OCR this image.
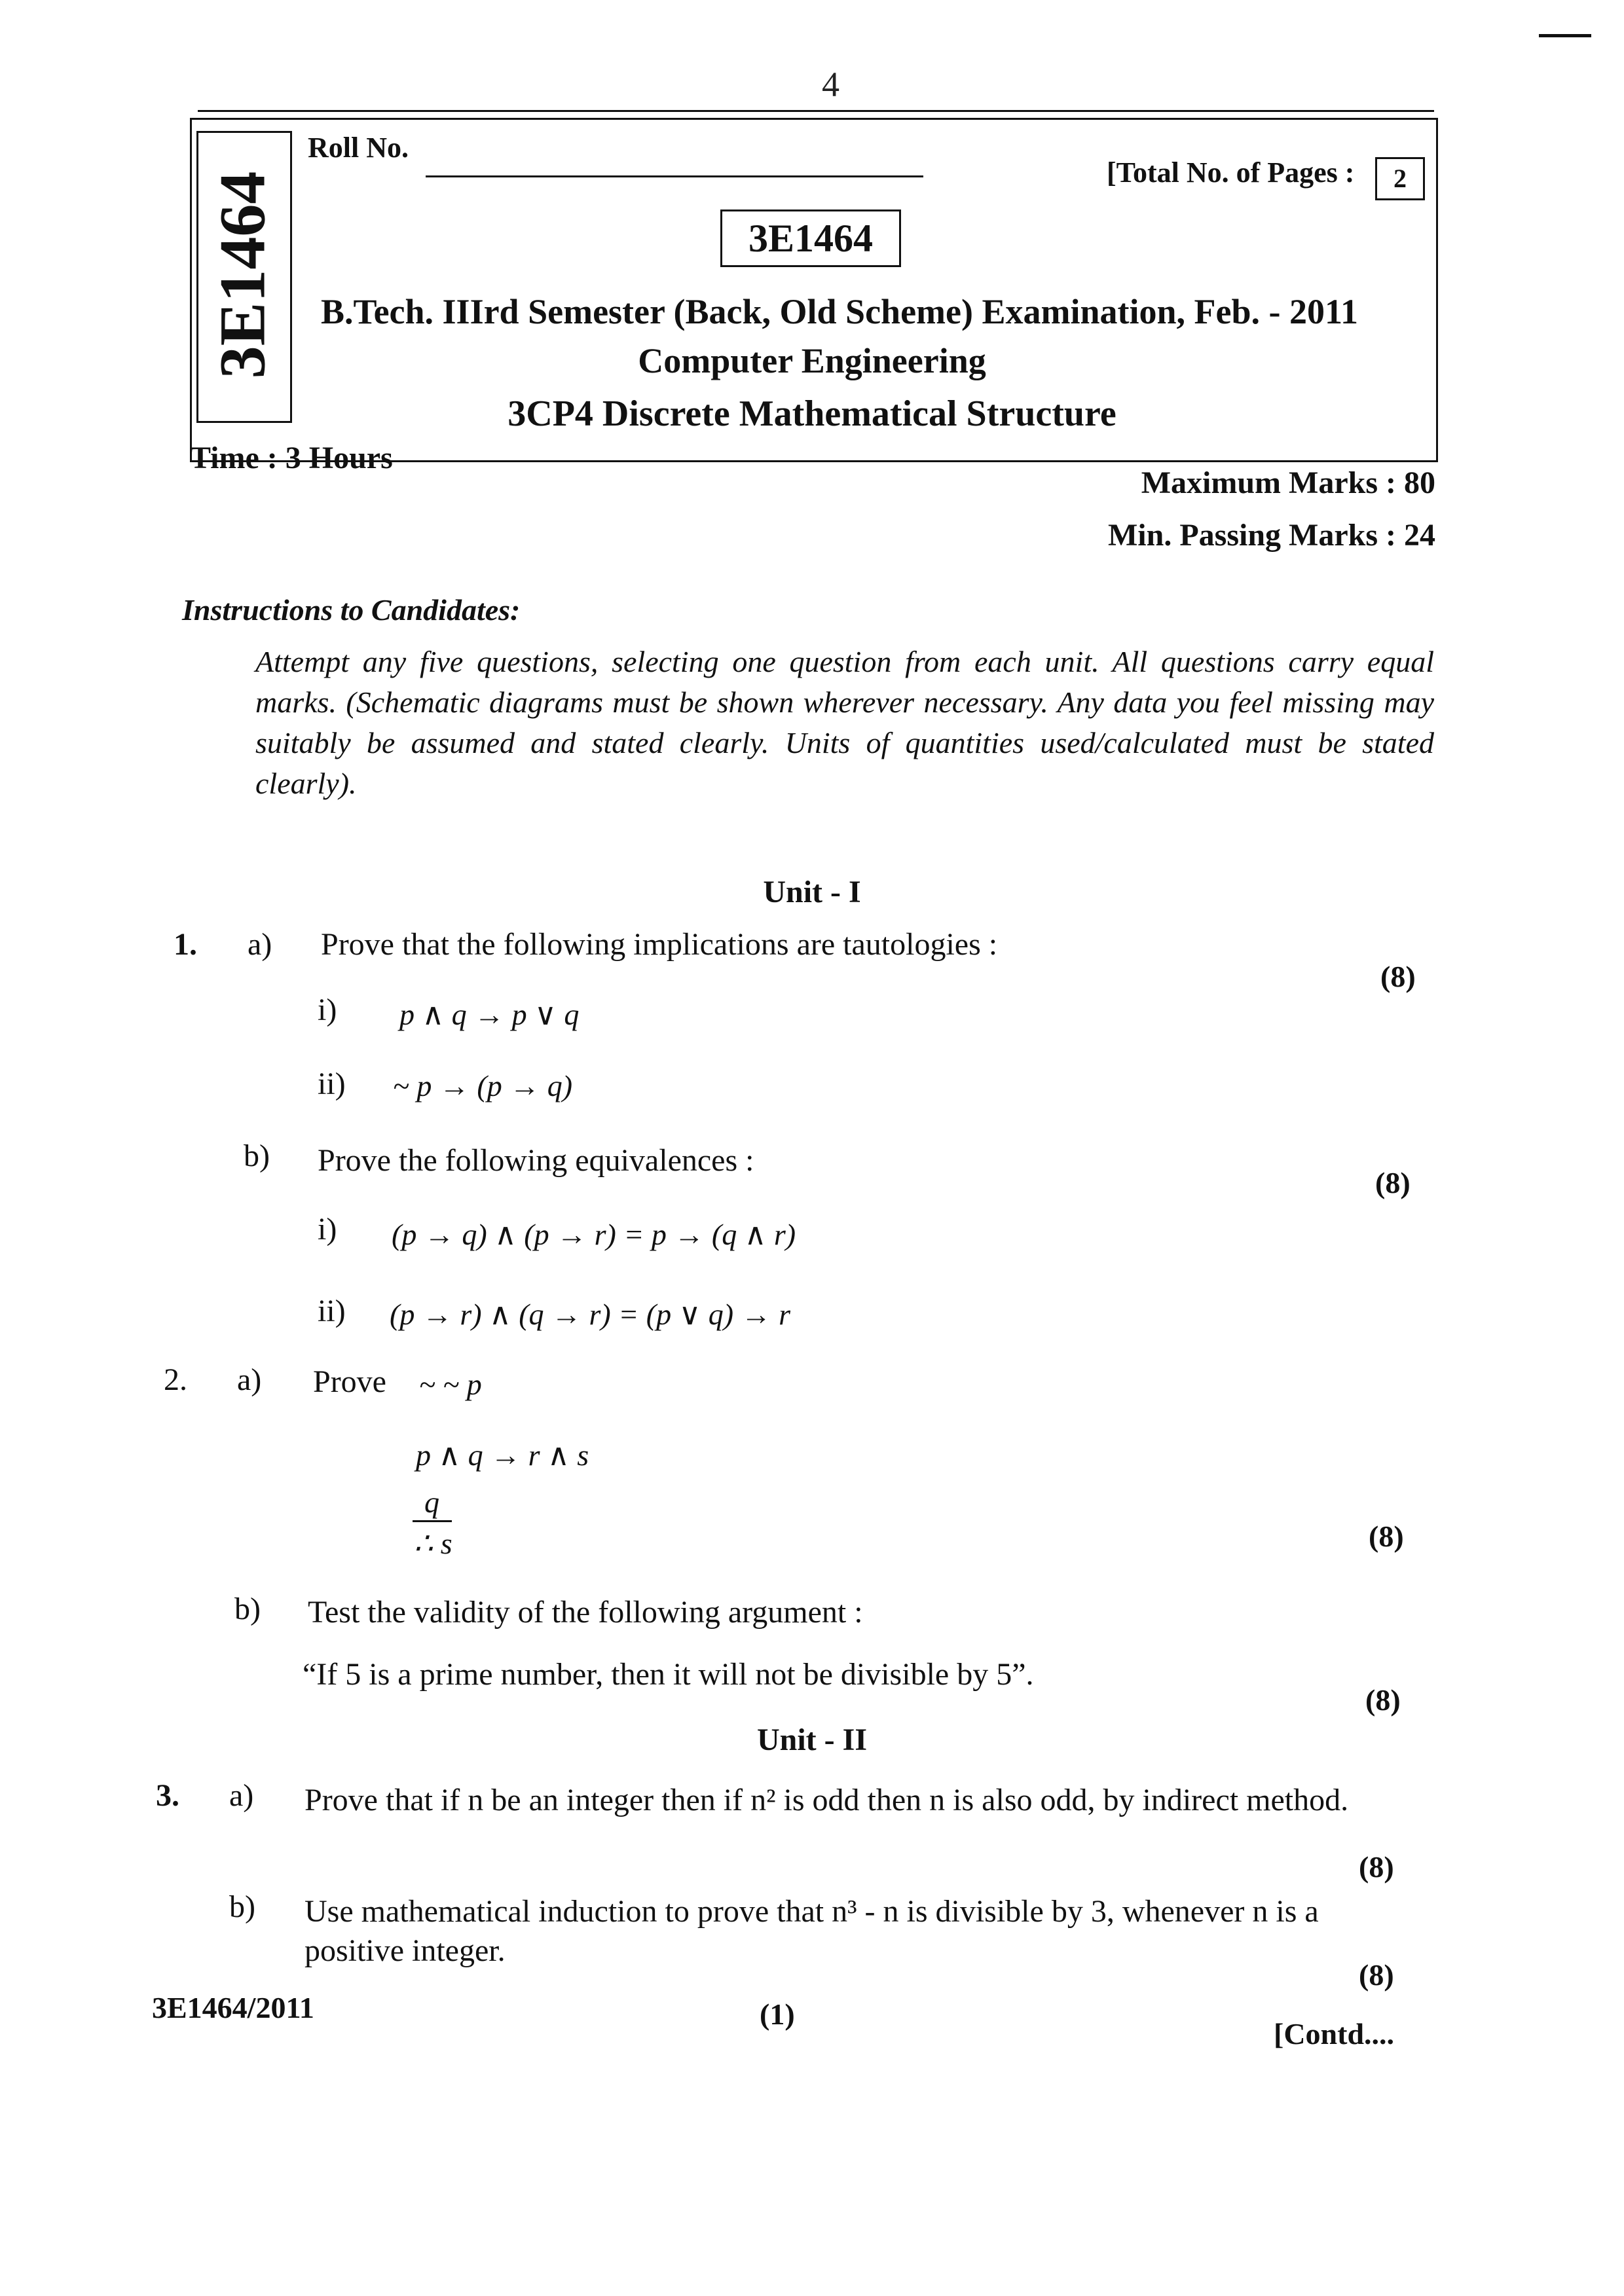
4
3E1464
Roll No.
[Total No. of Pages :	2
3E1464
B.Tech. IIIrd Semester (Back, Old Scheme) Examination, Feb. - 2011
Computer Engineering
3CP4 Discrete Mathematical Structure
Time : 3 Hours
Maximum Marks : 80
Min. Passing Marks : 24
Instructions to Candidates:
Attempt any five questions, selecting one question from each unit. All questions carry equal marks. (Schematic diagrams must be shown wherever necessary. Any data you feel missing may suitably be assumed and stated clearly. Units of quantities used/calculated must be stated clearly).
Unit - I
1. a) Prove that the following implications are tautologies :
(8)
i) p ∧ q → p ∨ q
ii) ~ p → (p → q)
b) Prove the following equivalences :
(8)
i) (p → q) ∧ (p → r) = p → (q ∧ r)
ii) (p → r) ∧ (q → r) = (p ∨ q) → r
2. a) Prove ~ ~ p
p ∧ q → r ∧ s
q
∴ s	(8)
b) Test the validity of the following argument :
“If 5 is a prime number, then it will not be divisible by 5”.
(8)
Unit - II
3. a) Prove that if n be an integer then if n² is odd then n is also odd, by indirect method.
(8)
b) Use mathematical induction to prove that n³ - n is divisible by 3, whenever n is a positive integer.
(8)
3E1464/2011	(1)
[Contd....
